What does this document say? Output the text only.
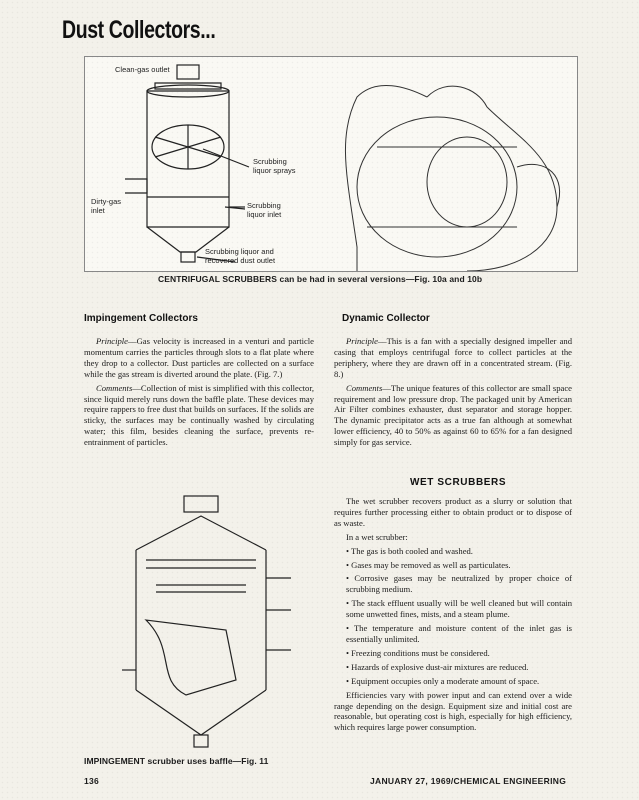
Dust Collectors...
Clean-gas outlet
Scrubbing
liquor sprays
Dirty-gas
inlet
Scrubbing
liquor inlet
Scrubbing liquor and
recovered dust outlet
CENTRIFUGAL SCRUBBERS can be had in several versions—Fig. 10a and 10b
Impingement Collectors

Principle—Gas velocity is increased in a venturi and particle momentum carries the particles through slots to a flat plate where they drop to a collector. Dust particles are collected on a surface while the gas stream is diverted around the plate. (Fig. 7.)

Comments—Collection of mist is simplified with this collector, since liquid merely runs down the baffle plate. These devices may require rappers to free dust that builds on surfaces. If the solids are sticky, the surfaces may be continually washed by circulating water; this film, besides cleaning the surface, prevents re-entrainment of particles.

IMPINGEMENT scrubber uses baffle—Fig. 11
Dynamic Collector

Principle—This is a fan with a specially designed impeller and casing that employs centrifugal force to collect particles at the periphery, where they are drawn off in a concentrated stream. (Fig. 8.)

Comments—The unique features of this collector are small space requirement and low pressure drop. The packaged unit by American Air Filter combines exhauster, dust separator and storage hopper. The dynamic precipitator acts as a true fan although at somewhat lower efficiency, 40 to 50% as against 60 to 65% for a fan designed simply for gas service.

WET SCRUBBERS

The wet scrubber recovers product as a slurry or solution that requires further processing either to obtain product or to dispose of as waste.

In a wet scrubber:

• The gas is both cooled and washed.

• Gases may be removed as well as particulates.

• Corrosive gases may be neutralized by proper choice of scrubbing medium.

• The stack effluent usually will be well cleaned but will contain some unwetted fines, mists, and a steam plume.

• The temperature and moisture content of the inlet gas is essentially unlimited.

• Freezing conditions must be considered.

• Hazards of explosive dust-air mixtures are reduced.

• Equipment occupies only a moderate amount of space.

Efficiencies vary with power input and can extend over a wide range depending on the design. Equipment size and initial cost are reasonable, but operating cost is high, especially for high efficiency, which requires large power consumption.

136	JANUARY 27, 1969/CHEMICAL ENGINEERING
